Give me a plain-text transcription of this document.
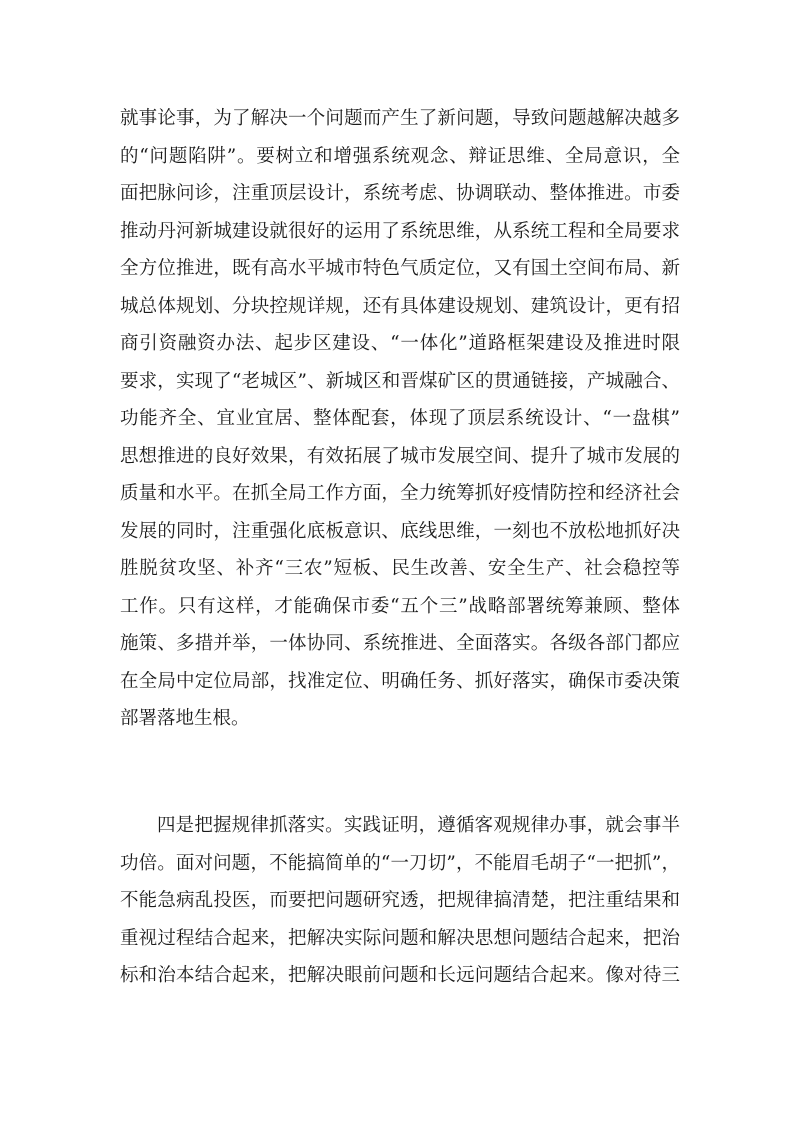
就事论事，为了解决一个问题而产生了新问题，导致问题越解决越多
的“问题陷阱”。要树立和增强系统观念、辩证思维、全局意识，全
面把脉问诊，注重顶层设计，系统考虑、协调联动、整体推进。市委
推动丹河新城建设就很好的运用了系统思维，从系统工程和全局要求
全方位推进，既有高水平城市特色气质定位，又有国土空间布局、新
城总体规划、分块控规详规，还有具体建设规划、建筑设计，更有招
商引资融资办法、起步区建设、“一体化”道路框架建设及推进时限
要求，实现了“老城区”、新城区和晋煤矿区的贯通链接，产城融合、
功能齐全、宜业宜居、整体配套，体现了顶层系统设计、“一盘棋”
思想推进的良好效果，有效拓展了城市发展空间、提升了城市发展的
质量和水平。在抓全局工作方面，全力统筹抓好疫情防控和经济社会
发展的同时，注重强化底板意识、底线思维，一刻也不放松地抓好决
胜脱贫攻坚、补齐“三农”短板、民生改善、安全生产、社会稳控等
工作。只有这样，才能确保市委“五个三”战略部署统筹兼顾、整体
施策、多措并举，一体协同、系统推进、全面落实。各级各部门都应
在全局中定位局部，找准定位、明确任务、抓好落实，确保市委决策
部署落地生根。
四是把握规律抓落实。实践证明，遵循客观规律办事，就会事半
功倍。面对问题，不能搞简单的“一刀切”，不能眉毛胡子“一把抓”，
不能急病乱投医，而要把问题研究透，把规律搞清楚，把注重结果和
重视过程结合起来，把解决实际问题和解决思想问题结合起来，把治
标和治本结合起来，把解决眼前问题和长远问题结合起来。像对待三
